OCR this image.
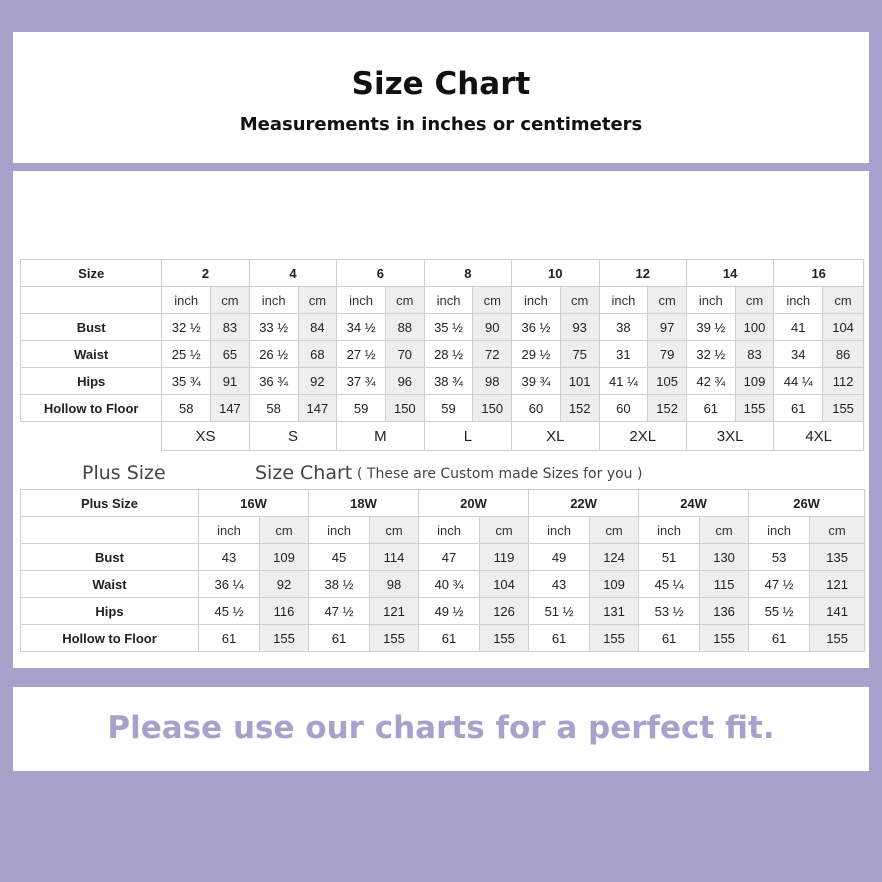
Size Chart
Measurements in inches or centimeters
Size	2		4		6		8		10		12		14		16	
	inch	cm	inch	cm	inch	cm	inch	cm	inch	cm	inch	cm	inch	cm	inch	cm
Bust	32 ½	83	33 ½	84	34 ½	88	35 ½	90	36 ½	93	38	97	39 ½	100	41	104
Waist	25 ½	65	26 ½	68	27 ½	70	28 ½	72	29 ½	75	31	79	32 ½	83	34	86
Hips	35 ¾	91	36 ¾	92	37 ¾	96	38 ¾	98	39 ¾	101	41 ¼	105	42 ¾	109	44 ¼	112
Hollow to Floor	58	147	58	147	59	150	59	150	60	152	60	152	61	155	61	155
	XS		S		M		L		XL		2XL		3XL		4XL	
Plus Size	Size Chart ( These are Custom made Sizes for you )
Plus Size	16W		18W		20W		22W		24W		26W	
	inch	cm	inch	cm	inch	cm	inch	cm	inch	cm	inch	cm
Bust	43	109	45	114	47	119	49	124	51	130	53	135
Waist	36 ¼	92	38 ½	98	40 ¾	104	43	109	45 ¼	115	47 ½	121
Hips	45 ½	116	47 ½	121	49 ½	126	51 ½	131	53 ½	136	55 ½	141
Hollow to Floor	61	155	61	155	61	155	61	155	61	155	61	155
Please use our charts for a perfect fit.
